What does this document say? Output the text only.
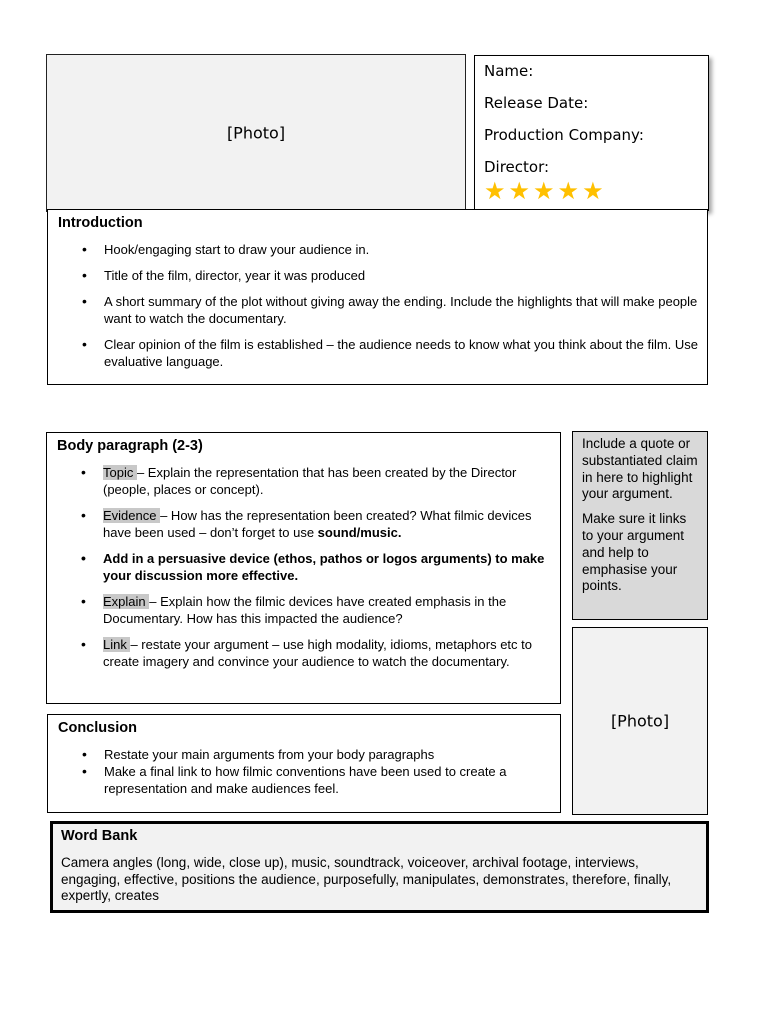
[Photo]
Name:
Release Date:
Production Company:
Director:
★ ★ ★ ★ ★
Introduction
• Hook/engaging start to draw your audience in.
• Title of the film, director, year it was produced
• A short summary of the plot without giving away the ending. Include the highlights that will make people want to watch the documentary.
• Clear opinion of the film is established – the audience needs to know what you think about the film. Use evaluative language.
Body paragraph (2-3)
• Topic – Explain the representation that has been created by the Director (people, places or concept).
• Evidence – How has the representation been created? What filmic devices have been used – don’t forget to use sound/music.
• Add in a persuasive device (ethos, pathos or logos arguments) to make your discussion more effective.
• Explain – Explain how the filmic devices have created emphasis in the Documentary. How has this impacted the audience?
• Link – restate your argument – use high modality, idioms, metaphors etc to create imagery and convince your audience to watch the documentary.

Include a quote or substantiated claim in here to highlight your argument.

Make sure it links to your argument and help to emphasise your points.

[Photo]
Conclusion
• Restate your main arguments from your body paragraphs
• Make a final link to how filmic conventions have been used to create a representation and make audiences feel.
Word Bank
Camera angles (long, wide, close up), music, soundtrack, voiceover, archival footage, interviews, engaging, effective, positions the audience, purposefully, manipulates, demonstrates, therefore, finally, expertly, creates
